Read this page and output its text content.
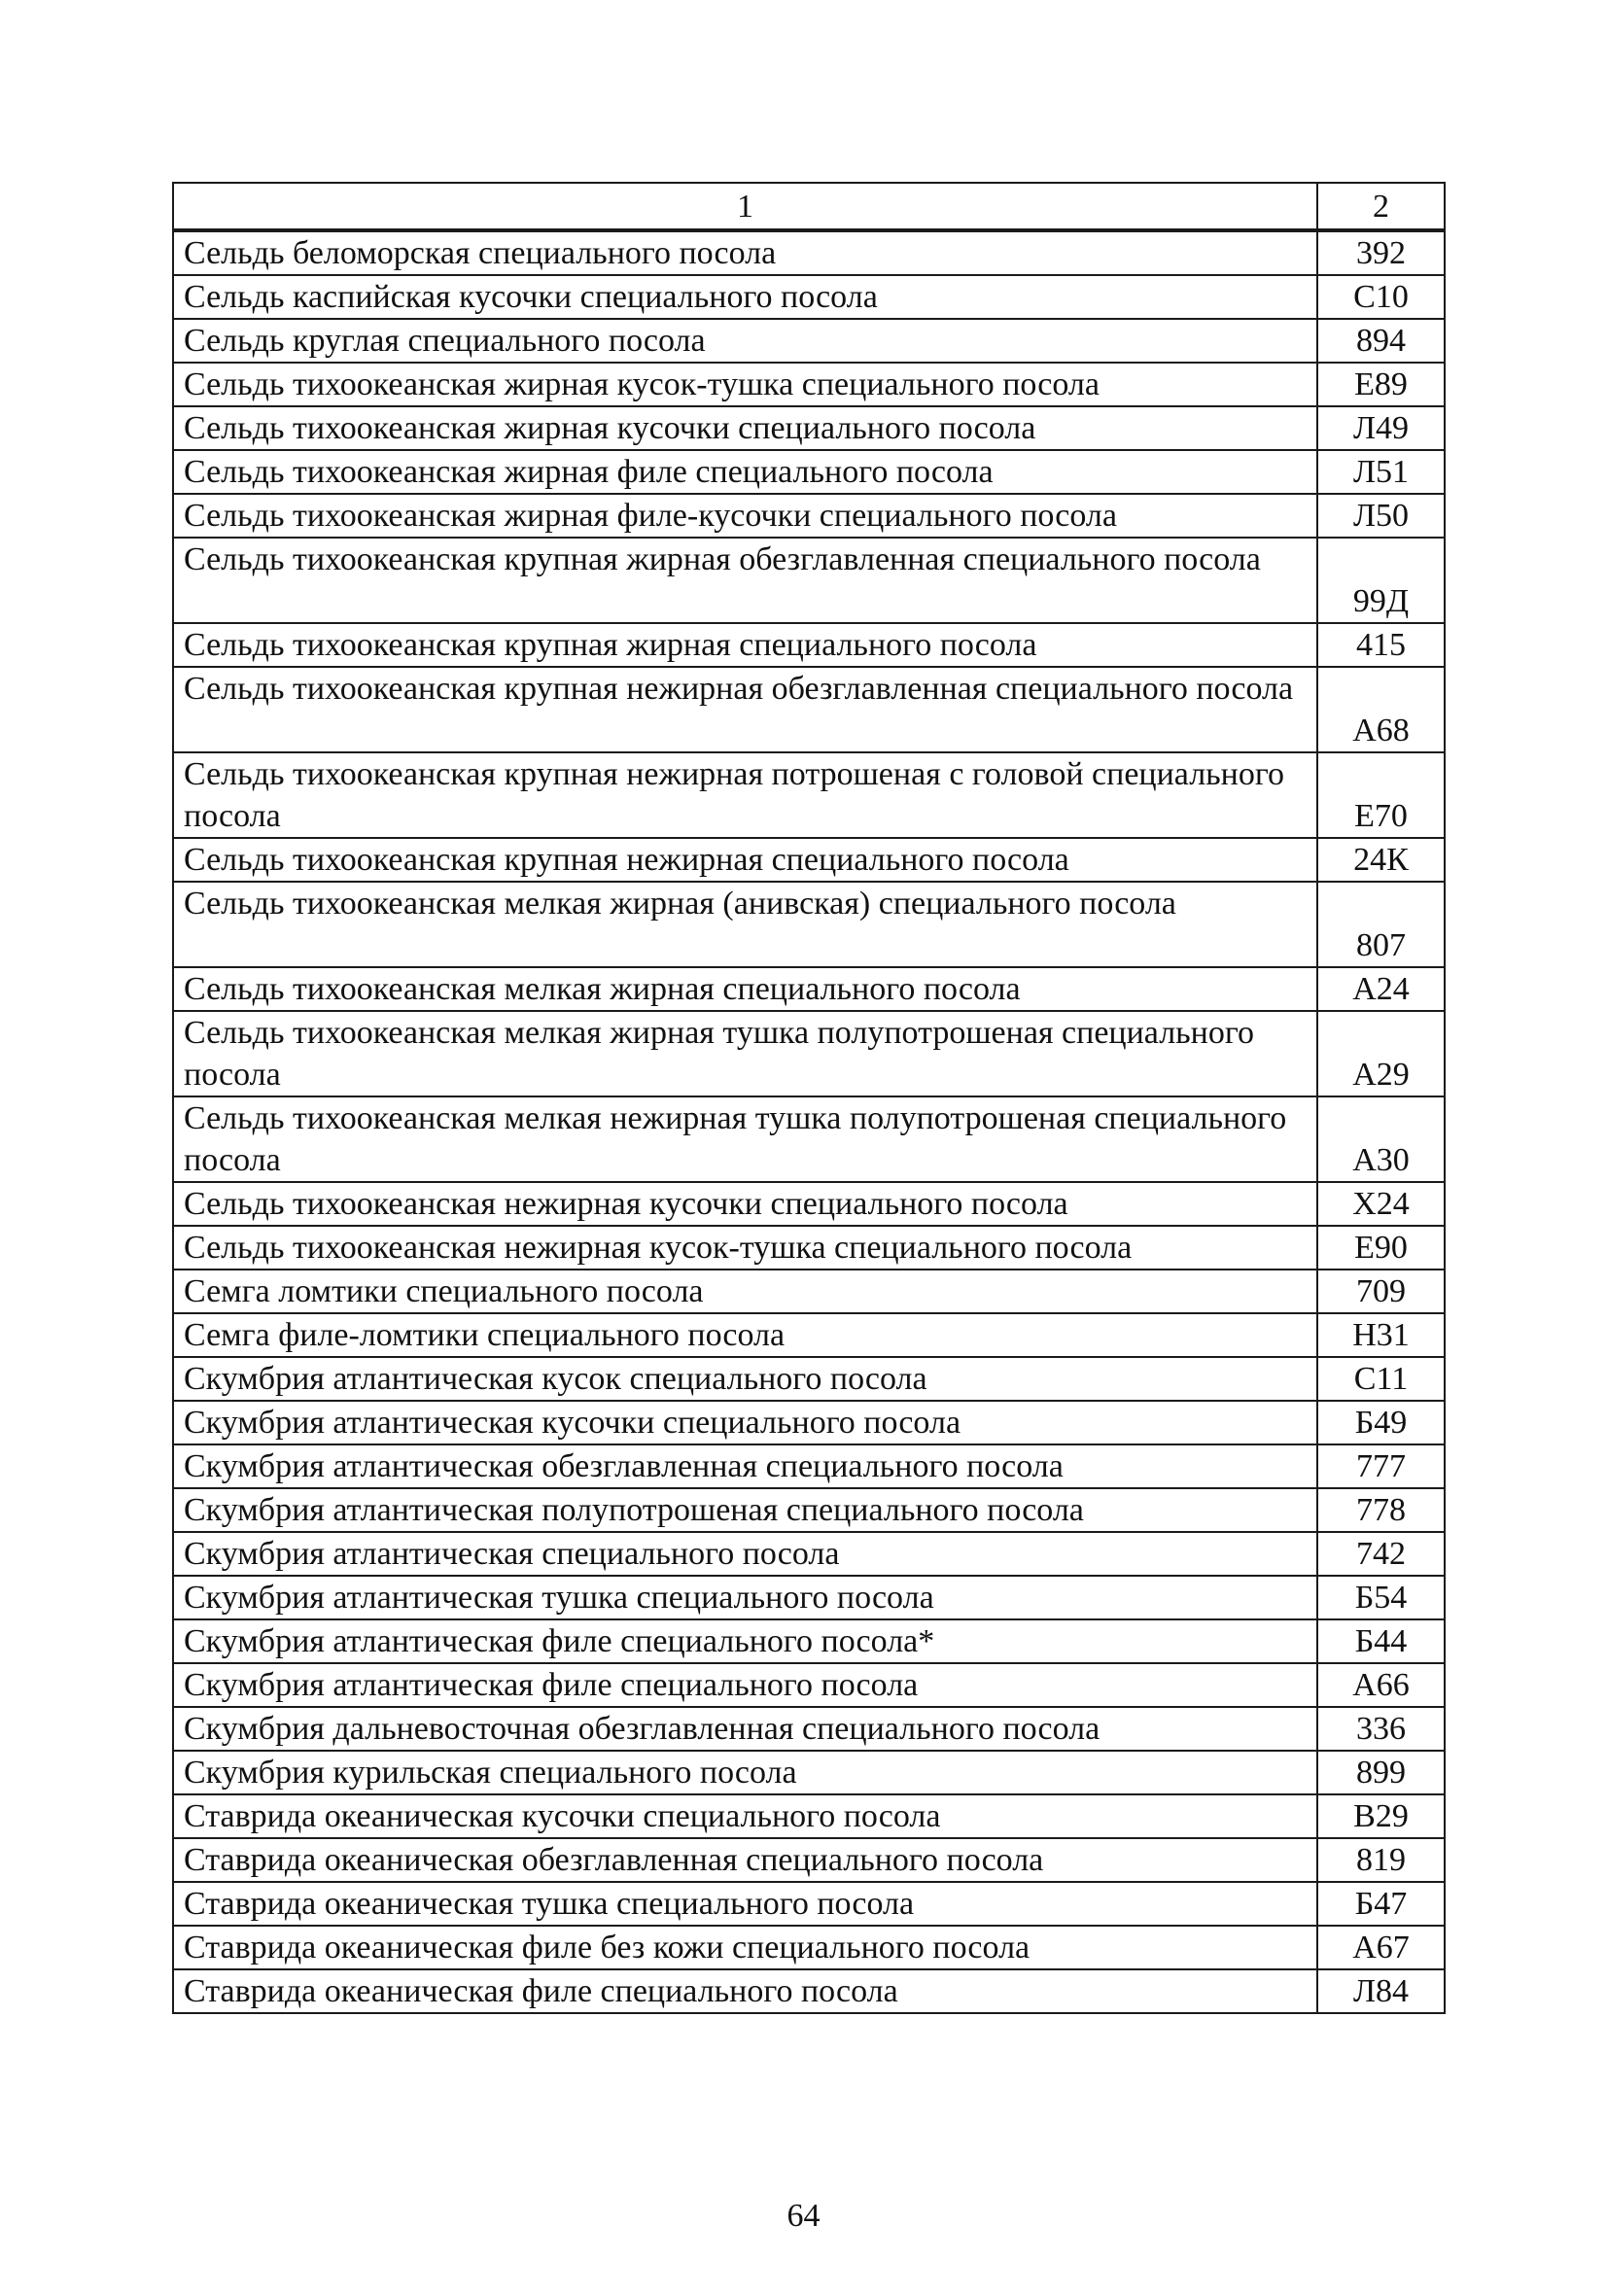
1	2
Сельдь беломорская специального посола	392
Сельдь каспийская кусочки специального посола	С10
Сельдь круглая специального посола	894
Сельдь тихоокеанская жирная кусок-тушка специального посола	Е89
Сельдь тихоокеанская жирная кусочки специального посола	Л49
Сельдь тихоокеанская жирная филе специального посола	Л51
Сельдь тихоокеанская жирная филе-кусочки специального посола	Л50
Сельдь тихоокеанская крупная жирная обезглавленная специального посола	99Д
Сельдь тихоокеанская крупная жирная специального посола	415
Сельдь тихоокеанская крупная нежирная обезглавленная специального посола	А68
Сельдь тихоокеанская крупная нежирная потрошеная с головой специального посола	Е70
Сельдь тихоокеанская крупная нежирная специального посола	24К
Сельдь тихоокеанская мелкая жирная (анивская) специального посола	807
Сельдь тихоокеанская мелкая жирная специального посола	А24
Сельдь тихоокеанская мелкая жирная тушка полупотрошеная специального посола	А29
Сельдь тихоокеанская мелкая нежирная тушка полупотрошеная специального посола	А30
Сельдь тихоокеанская нежирная кусочки специального посола	Х24
Сельдь тихоокеанская нежирная кусок-тушка специального посола	Е90
Семга ломтики специального посола	709
Семга филе-ломтики специального посола	Н31
Скумбрия атлантическая кусок специального посола	С11
Скумбрия атлантическая кусочки специального посола	Б49
Скумбрия атлантическая обезглавленная специального посола	777
Скумбрия атлантическая полупотрошеная специального посола	778
Скумбрия атлантическая специального посола	742
Скумбрия атлантическая тушка специального посола	Б54
Скумбрия атлантическая филе специального посола*	Б44
Скумбрия атлантическая филе специального посола	А66
Скумбрия дальневосточная обезглавленная специального посола	336
Скумбрия курильская специального посола	899
Ставрида океаническая кусочки специального посола	В29
Ставрида океаническая обезглавленная специального посола	819
Ставрида океаническая тушка специального посола	Б47
Ставрида океаническая филе без кожи специального посола	А67
Ставрида океаническая филе специального посола	Л84
64
